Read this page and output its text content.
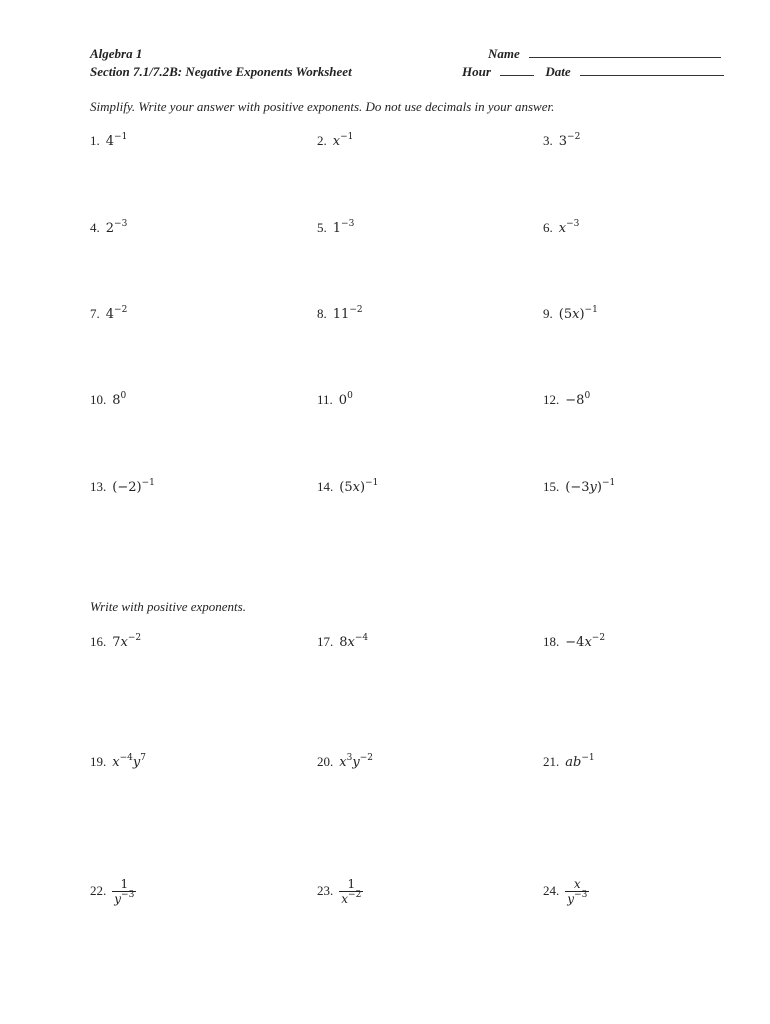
Algebra 1
Section 7.1/7.2B: Negative Exponents Worksheet
Name
Hour	Date
Simplify. Write your answer with positive exponents. Do not use decimals in your answer.
Write with positive exponents.
1. $4^{-1}$	2. $x^{-1}$	3. $3^{-2}$
4. $2^{-3}$	5. $1^{-3}$	6. $x^{-3}$
7. $4^{-2}$	8. $11^{-2}$	9. $(5x)^{-1}$
10. $8^0$	11. $0^0$	12. $-8^0$
13. $(-2)^{-1}$	14. $(5x)^{-1}$	15. $(-3y)^{-1}$
16. $7x^{-2}$	17. $8x^{-4}$	18. $-4x^{-2}$
19. $x^{-4}y^7$	20. $x^3y^{-2}$	21. $ab^{-1}$
22. $\frac{1}{y^{-3}}$	23. $\frac{1}{x^{-2}}$	24. $\frac{x}{y^{-3}}$
